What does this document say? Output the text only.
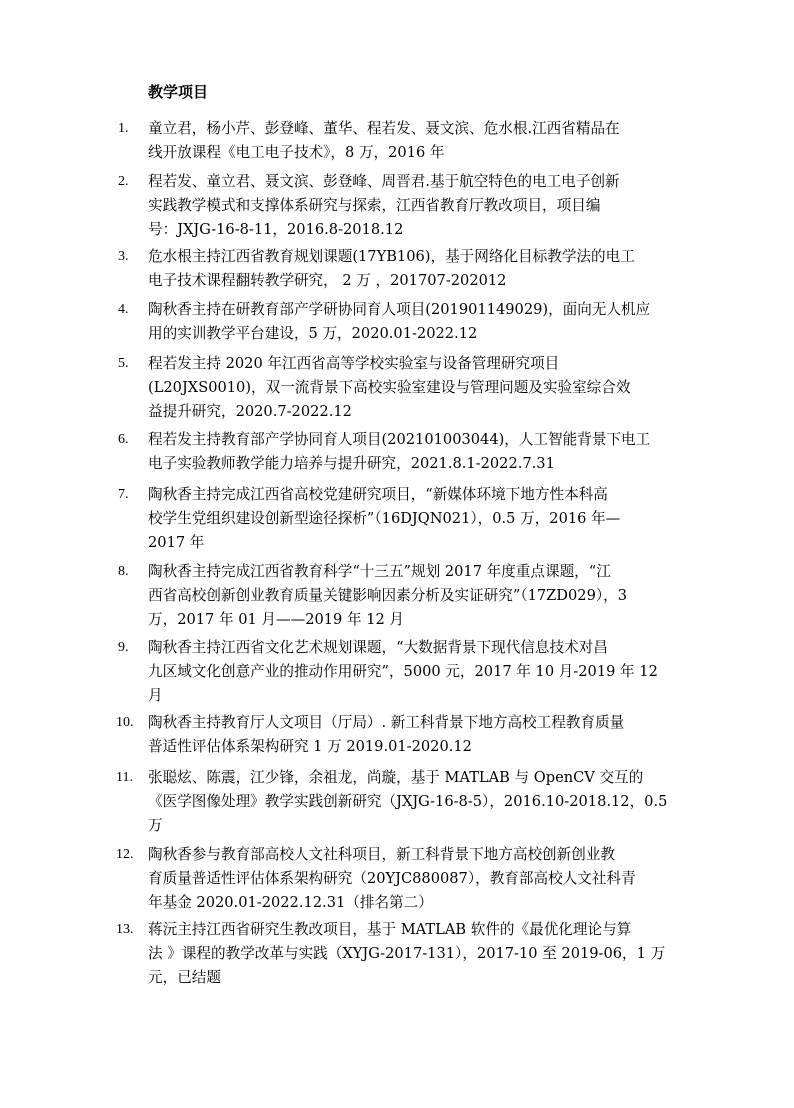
教学项目
1. 童立君，杨小芹、彭登峰、董华、程若发、聂文滨、危水根.江西省精品在
线开放课程《电工电子技术》，8 万，2016 年
2. 程若发、童立君、聂文滨、彭登峰、周晋君.基于航空特色的电工电子创新
实践教学模式和支撑体系研究与探索，江西省教育厅教改项目，项目编
号：JXJG-16-8-11，2016.8-2018.12
3. 危水根主持江西省教育规划课题(17YB106)，基于网络化目标教学法的电工
电子技术课程翻转教学研究， 2 万 ，201707-202012
4. 陶秋香主持在研教育部产学研协同育人项目(201901149029)，面向无人机应
用的实训教学平台建设，5 万，2020.01-2022.12
5. 程若发主持 2020 年江西省高等学校实验室与设备管理研究项目
(L20JXS0010)，双一流背景下高校实验室建设与管理问题及实验室综合效
益提升研究，2020.7-2022.12
6. 程若发主持教育部产学协同育人项目(202101003044)，人工智能背景下电工
电子实验教师教学能力培养与提升研究，2021.8.1-2022.7.31
7. 陶秋香主持完成江西省高校党建研究项目，“新媒体环境下地方性本科高
校学生党组织建设创新型途径探析”（16DJQN021），0.5 万，2016 年—
2017 年
8. 陶秋香主持完成江西省教育科学“十三五”规划 2017 年度重点课题，“江
西省高校创新创业教育质量关键影响因素分析及实证研究”（17ZD029），3
万，2017 年 01 月——2019 年 12 月
9. 陶秋香主持江西省文化艺术规划课题，“大数据背景下现代信息技术对昌
九区域文化创意产业的推动作用研究”，5000 元，2017 年 10 月-2019 年 12
月
10. 陶秋香主持教育厅人文项目（厅局）. 新工科背景下地方高校工程教育质量
普适性评估体系架构研究 1 万 2019.01-2020.12
11. 张聪炫、陈震，江少锋，余祖龙，尚璇，基于 MATLAB 与 OpenCV 交互的
《医学图像处理》教学实践创新研究（JXJG-16-8-5），2016.10-2018.12，0.5
万
12. 陶秋香参与教育部高校人文社科项目，新工科背景下地方高校创新创业教
育质量普适性评估体系架构研究（20YJC880087），教育部高校人文社科青
年基金 2020.01-2022.12.31（排名第二）
13. 蒋沅主持江西省研究生教改项目，基于 MATLAB 软件的《最优化理论与算
法 》课程的教学改革与实践（XYJG-2017-131），2017-10 至 2019-06，1 万
元，已结题
